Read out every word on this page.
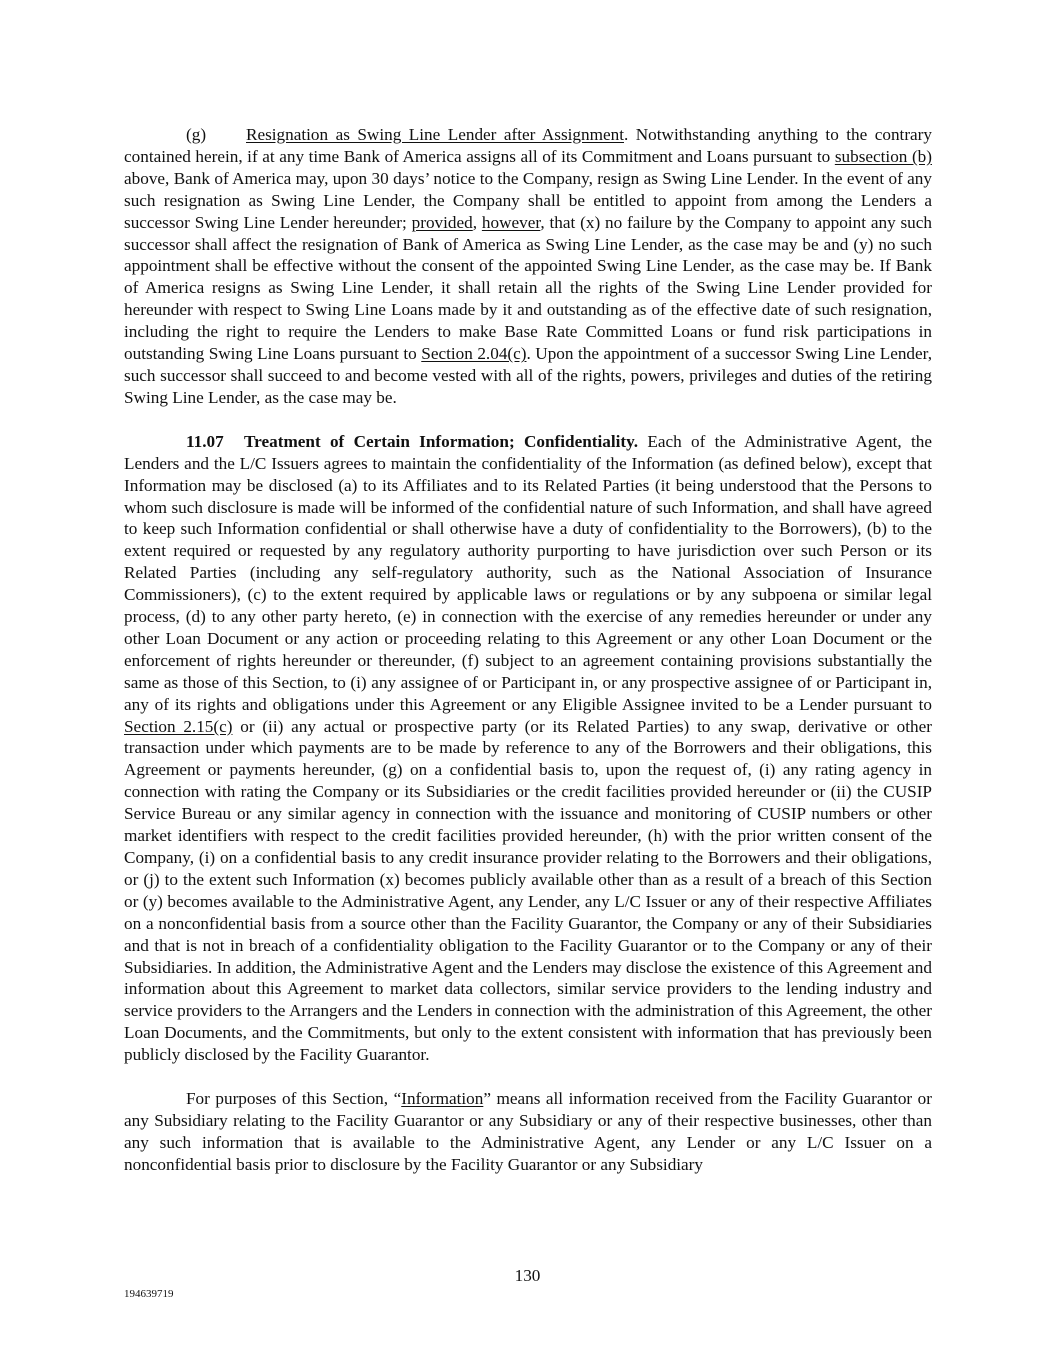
(g) Resignation as Swing Line Lender after Assignment. Notwithstanding anything to the contrary contained herein, if at any time Bank of America assigns all of its Commitment and Loans pursuant to subsection (b) above, Bank of America may, upon 30 days’ notice to the Company, resign as Swing Line Lender. In the event of any such resignation as Swing Line Lender, the Company shall be entitled to appoint from among the Lenders a successor Swing Line Lender hereunder; provided, however, that (x) no failure by the Company to appoint any such successor shall affect the resignation of Bank of America as Swing Line Lender, as the case may be and (y) no such appointment shall be effective without the consent of the appointed Swing Line Lender, as the case may be. If Bank of America resigns as Swing Line Lender, it shall retain all the rights of the Swing Line Lender provided for hereunder with respect to Swing Line Loans made by it and outstanding as of the effective date of such resignation, including the right to require the Lenders to make Base Rate Committed Loans or fund risk participations in outstanding Swing Line Loans pursuant to Section 2.04(c). Upon the appointment of a successor Swing Line Lender, such successor shall succeed to and become vested with all of the rights, powers, privileges and duties of the retiring Swing Line Lender, as the case may be.

11.07 Treatment of Certain Information; Confidentiality. Each of the Administrative Agent, the Lenders and the L/C Issuers agrees to maintain the confidentiality of the Information (as defined below), except that Information may be disclosed (a) to its Affiliates and to its Related Parties (it being understood that the Persons to whom such disclosure is made will be informed of the confidential nature of such Information, and shall have agreed to keep such Information confidential or shall otherwise have a duty of confidentiality to the Borrowers), (b) to the extent required or requested by any regulatory authority purporting to have jurisdiction over such Person or its Related Parties (including any self-regulatory authority, such as the National Association of Insurance Commissioners), (c) to the extent required by applicable laws or regulations or by any subpoena or similar legal process, (d) to any other party hereto, (e) in connection with the exercise of any remedies hereunder or under any other Loan Document or any action or proceeding relating to this Agreement or any other Loan Document or the enforcement of rights hereunder or thereunder, (f) subject to an agreement containing provisions substantially the same as those of this Section, to (i) any assignee of or Participant in, or any prospective assignee of or Participant in, any of its rights and obligations under this Agreement or any Eligible Assignee invited to be a Lender pursuant to Section 2.15(c) or (ii) any actual or prospective party (or its Related Parties) to any swap, derivative or other transaction under which payments are to be made by reference to any of the Borrowers and their obligations, this Agreement or payments hereunder, (g) on a confidential basis to, upon the request of, (i) any rating agency in connection with rating the Company or its Subsidiaries or the credit facilities provided hereunder or (ii) the CUSIP Service Bureau or any similar agency in connection with the issuance and monitoring of CUSIP numbers or other market identifiers with respect to the credit facilities provided hereunder, (h) with the prior written consent of the Company, (i) on a confidential basis to any credit insurance provider relating to the Borrowers and their obligations, or (j) to the extent such Information (x) becomes publicly available other than as a result of a breach of this Section or (y) becomes available to the Administrative Agent, any Lender, any L/C Issuer or any of their respective Affiliates on a nonconfidential basis from a source other than the Facility Guarantor, the Company or any of their Subsidiaries and that is not in breach of a confidentiality obligation to the Facility Guarantor or to the Company or any of their Subsidiaries. In addition, the Administrative Agent and the Lenders may disclose the existence of this Agreement and information about this Agreement to market data collectors, similar service providers to the lending industry and service providers to the Arrangers and the Lenders in connection with the administration of this Agreement, the other Loan Documents, and the Commitments, but only to the extent consistent with information that has previously been publicly disclosed by the Facility Guarantor.

For purposes of this Section, “Information” means all information received from the Facility Guarantor or any Subsidiary relating to the Facility Guarantor or any Subsidiary or any of their respective businesses, other than any such information that is available to the Administrative Agent, any Lender or any L/C Issuer on a nonconfidential basis prior to disclosure by the Facility Guarantor or any Subsidiary

130
194639719
